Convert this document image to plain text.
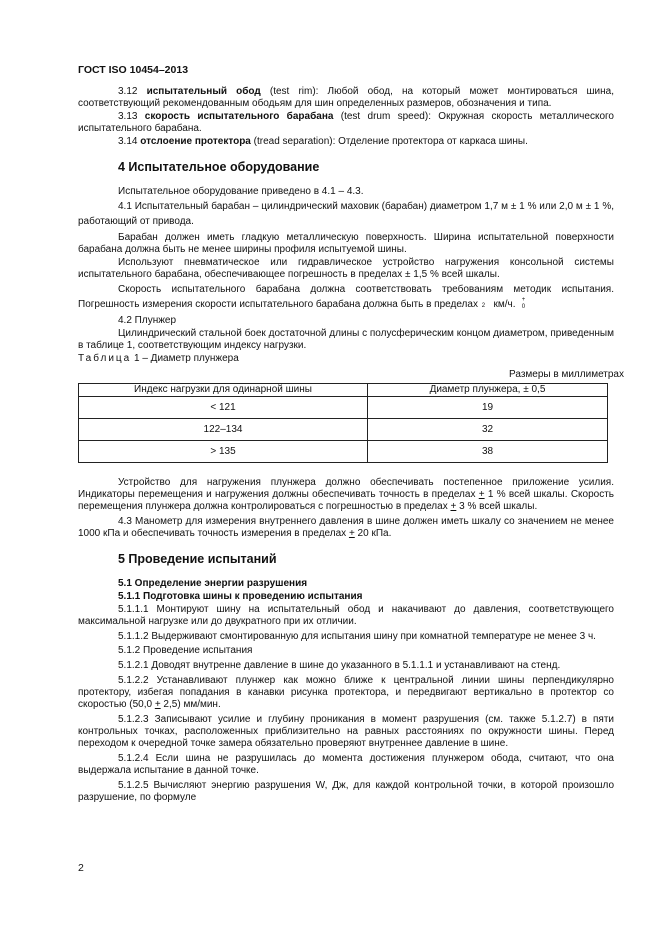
ГОСТ ISO 10454–2013

3.12 испытательный обод (test rim): Любой обод, на который может монтироваться шина, соответствующий рекомендованным ободьям для шин определенных размеров, обозначения и типа.

3.13 скорость испытательного барабана (test drum speed): Окружная скорость металлического испытательного барабана.

3.14 отслоение протектора (tread separation): Отделение протектора от каркаса шины.

4 Испытательное оборудование

Испытательное оборудование приведено в 4.1 – 4.3.

4.1 Испытательный барабан – цилиндрический маховик (барабан) диаметром 1,7 м ± 1 % или 2,0 м ± 1 %, работающий от привода.

Барабан должен иметь гладкую металлическую поверхность. Ширина испытательной поверхности барабана должна быть не менее ширины профиля испытуемой шины.

Используют пневматическое или гидравлическое устройство нагружения консольной системы испытательного барабана, обеспечивающее погрешность в пределах ± 1,5 % всей шкалы.

Скорость испытательного барабана должна соответствовать требованиям методик испытания. Погрешность измерения скорости испытательного барабана должна быть в пределах	+ 2	0
км/ч.

4.2 Плунжер

Цилиндрический стальной боек достаточной длины с полусферическим концом диаметром, приведенным в таблице 1, соответствующим индексу нагрузки.

Таблица 1 – Диаметр плунжера

Размеры в миллиметрах

Индекс нагрузки для одинарной шины	Диаметр плунжера, ± 0,5
< 121	19
122–134	32
> 135	38

Устройство для нагружения плунжера должно обеспечивать постепенное приложение усилия. Индикаторы перемещения и нагружения должны обеспечивать точность в пределах + 1 % всей шкалы. Скорость перемещения плунжера должна контролироваться с погрешностью в пределах + 3 % всей шкалы.

4.3 Манометр для измерения внутреннего давления в шине должен иметь шкалу со значением не менее 1000 кПа и обеспечивать точность измерения в пределах + 20 кПа.

5 Проведение испытаний

5.1 Определение энергии разрушения

5.1.1 Подготовка шины к проведению испытания

5.1.1.1 Монтируют шину на испытательный обод и накачивают до давления, соответствующего максимальной нагрузке или до двукратного при их отличии.

5.1.1.2 Выдерживают смонтированную для испытания шину при комнатной температуре не менее 3 ч.

5.1.2 Проведение испытания

5.1.2.1 Доводят внутренне давление в шине до указанного в 5.1.1.1 и устанавливают на стенд.

5.1.2.2 Устанавливают плунжер как можно ближе к центральной линии шины перпендикулярно протектору, избегая попадания в канавки рисунка протектора, и передвигают вертикально в протектор со скоростью (50,0 + 2,5) мм/мин.

5.1.2.3 Записывают усилие и глубину проникания в момент разрушения (см. также 5.1.2.7) в пяти контрольных точках, расположенных приблизительно на равных расстояниях по окружности шины. Перед переходом к очередной точке замера обязательно проверяют внутреннее давление в шине.

5.1.2.4 Если шина не разрушилась до момента достижения плунжером обода, считают, что она выдержала испытание в данной точке.

5.1.2.5 Вычисляют энергию разрушения W, Дж, для каждой контрольной точки, в которой произошло разрушение, по формуле

2
